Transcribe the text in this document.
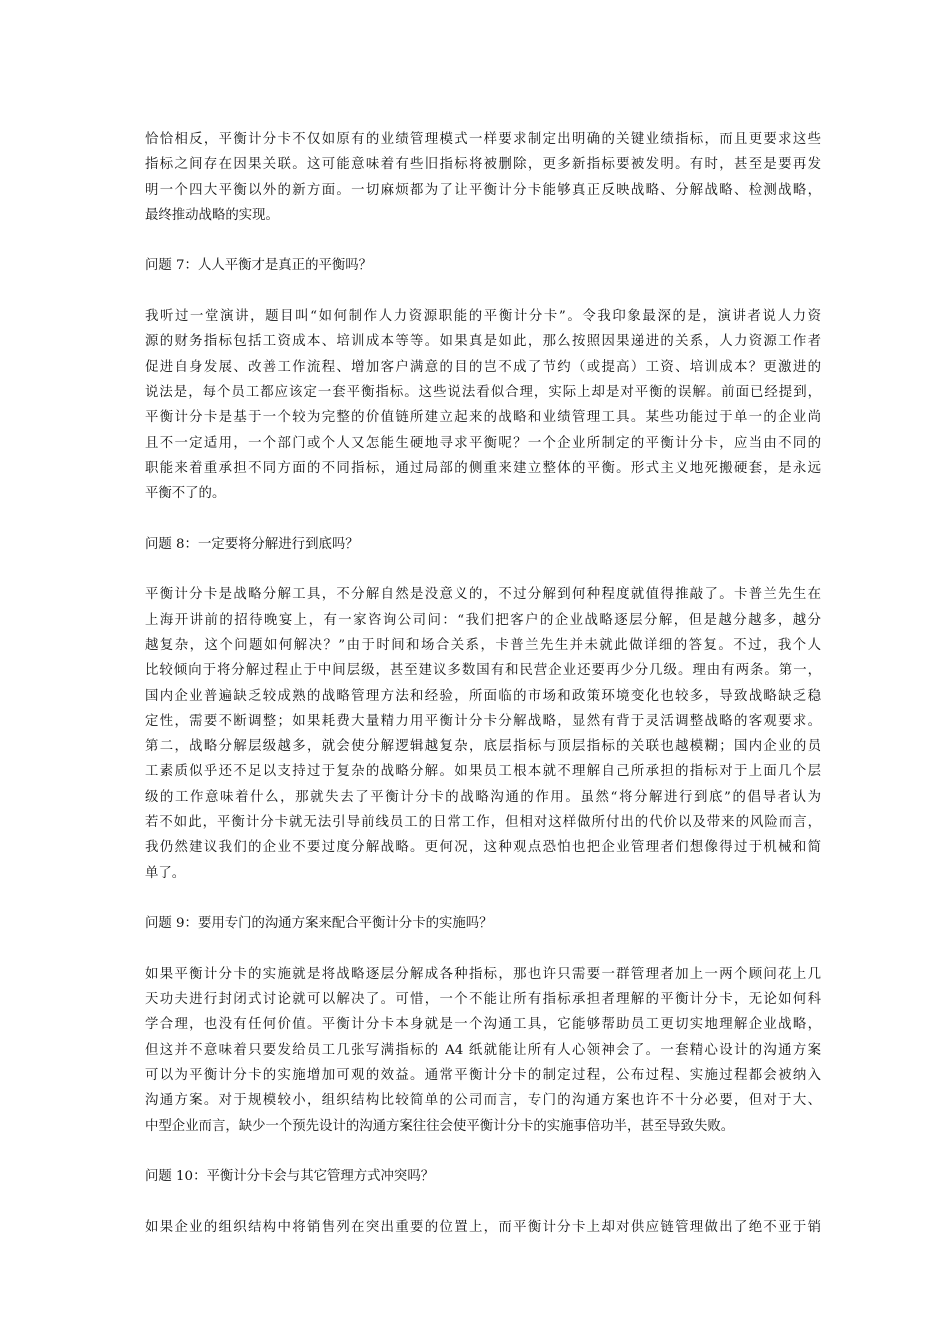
恰恰相反，平衡计分卡不仅如原有的业绩管理模式一样要求制定出明确的关键业绩指标，而且更要求这些
指标之间存在因果关联。这可能意味着有些旧指标将被删除，更多新指标要被发明。有时，甚至是要再发
明一个四大平衡以外的新方面。一切麻烦都为了让平衡计分卡能够真正反映战略、分解战略、检测战略，
最终推动战略的实现。

问题 7：人人平衡才是真正的平衡吗？

我听过一堂演讲，题目叫“如何制作人力资源职能的平衡计分卡”。令我印象最深的是，演讲者说人力资
源的财务指标包括工资成本、培训成本等等。如果真是如此，那么按照因果递进的关系，人力资源工作者
促进自身发展、改善工作流程、增加客户满意的目的岂不成了节约（或提高）工资、培训成本？更激进的
说法是，每个员工都应该定一套平衡指标。这些说法看似合理，实际上却是对平衡的误解。前面已经提到，
平衡计分卡是基于一个较为完整的价值链所建立起来的战略和业绩管理工具。某些功能过于单一的企业尚
且不一定适用，一个部门或个人又怎能生硬地寻求平衡呢？一个企业所制定的平衡计分卡，应当由不同的
职能来着重承担不同方面的不同指标，通过局部的侧重来建立整体的平衡。形式主义地死搬硬套，是永远
平衡不了的。

问题 8：一定要将分解进行到底吗？

平衡计分卡是战略分解工具，不分解自然是没意义的，不过分解到何种程度就值得推敲了。卡普兰先生在
上海开讲前的招待晚宴上，有一家咨询公司问：“我们把客户的企业战略逐层分解，但是越分越多，越分
越复杂，这个问题如何解决？”由于时间和场合关系，卡普兰先生并未就此做详细的答复。不过，我个人
比较倾向于将分解过程止于中间层级，甚至建议多数国有和民营企业还要再少分几级。理由有两条。第一，
国内企业普遍缺乏较成熟的战略管理方法和经验，所面临的市场和政策环境变化也较多，导致战略缺乏稳
定性，需要不断调整；如果耗费大量精力用平衡计分卡分解战略，显然有背于灵活调整战略的客观要求。
第二，战略分解层级越多，就会使分解逻辑越复杂，底层指标与顶层指标的关联也越模糊；国内企业的员
工素质似乎还不足以支持过于复杂的战略分解。如果员工根本就不理解自己所承担的指标对于上面几个层
级的工作意味着什么，那就失去了平衡计分卡的战略沟通的作用。虽然“将分解进行到底”的倡导者认为
若不如此，平衡计分卡就无法引导前线员工的日常工作，但相对这样做所付出的代价以及带来的风险而言，
我仍然建议我们的企业不要过度分解战略。更何况，这种观点恐怕也把企业管理者们想像得过于机械和简
单了。

问题 9：要用专门的沟通方案来配合平衡计分卡的实施吗？

如果平衡计分卡的实施就是将战略逐层分解成各种指标，那也许只需要一群管理者加上一两个顾问花上几
天功夫进行封闭式讨论就可以解决了。可惜，一个不能让所有指标承担者理解的平衡计分卡，无论如何科
学合理，也没有任何价值。平衡计分卡本身就是一个沟通工具，它能够帮助员工更切实地理解企业战略，
但这并不意味着只要发给员工几张写满指标的 A4 纸就能让所有人心领神会了。一套精心设计的沟通方案
可以为平衡计分卡的实施增加可观的效益。通常平衡计分卡的制定过程，公布过程、实施过程都会被纳入
沟通方案。对于规模较小，组织结构比较简单的公司而言，专门的沟通方案也许不十分必要，但对于大、
中型企业而言，缺少一个预先设计的沟通方案往往会使平衡计分卡的实施事倍功半，甚至导致失败。

问题 10：平衡计分卡会与其它管理方式冲突吗？

如果企业的组织结构中将销售列在突出重要的位置上，而平衡计分卡上却对供应链管理做出了绝不亚于销
